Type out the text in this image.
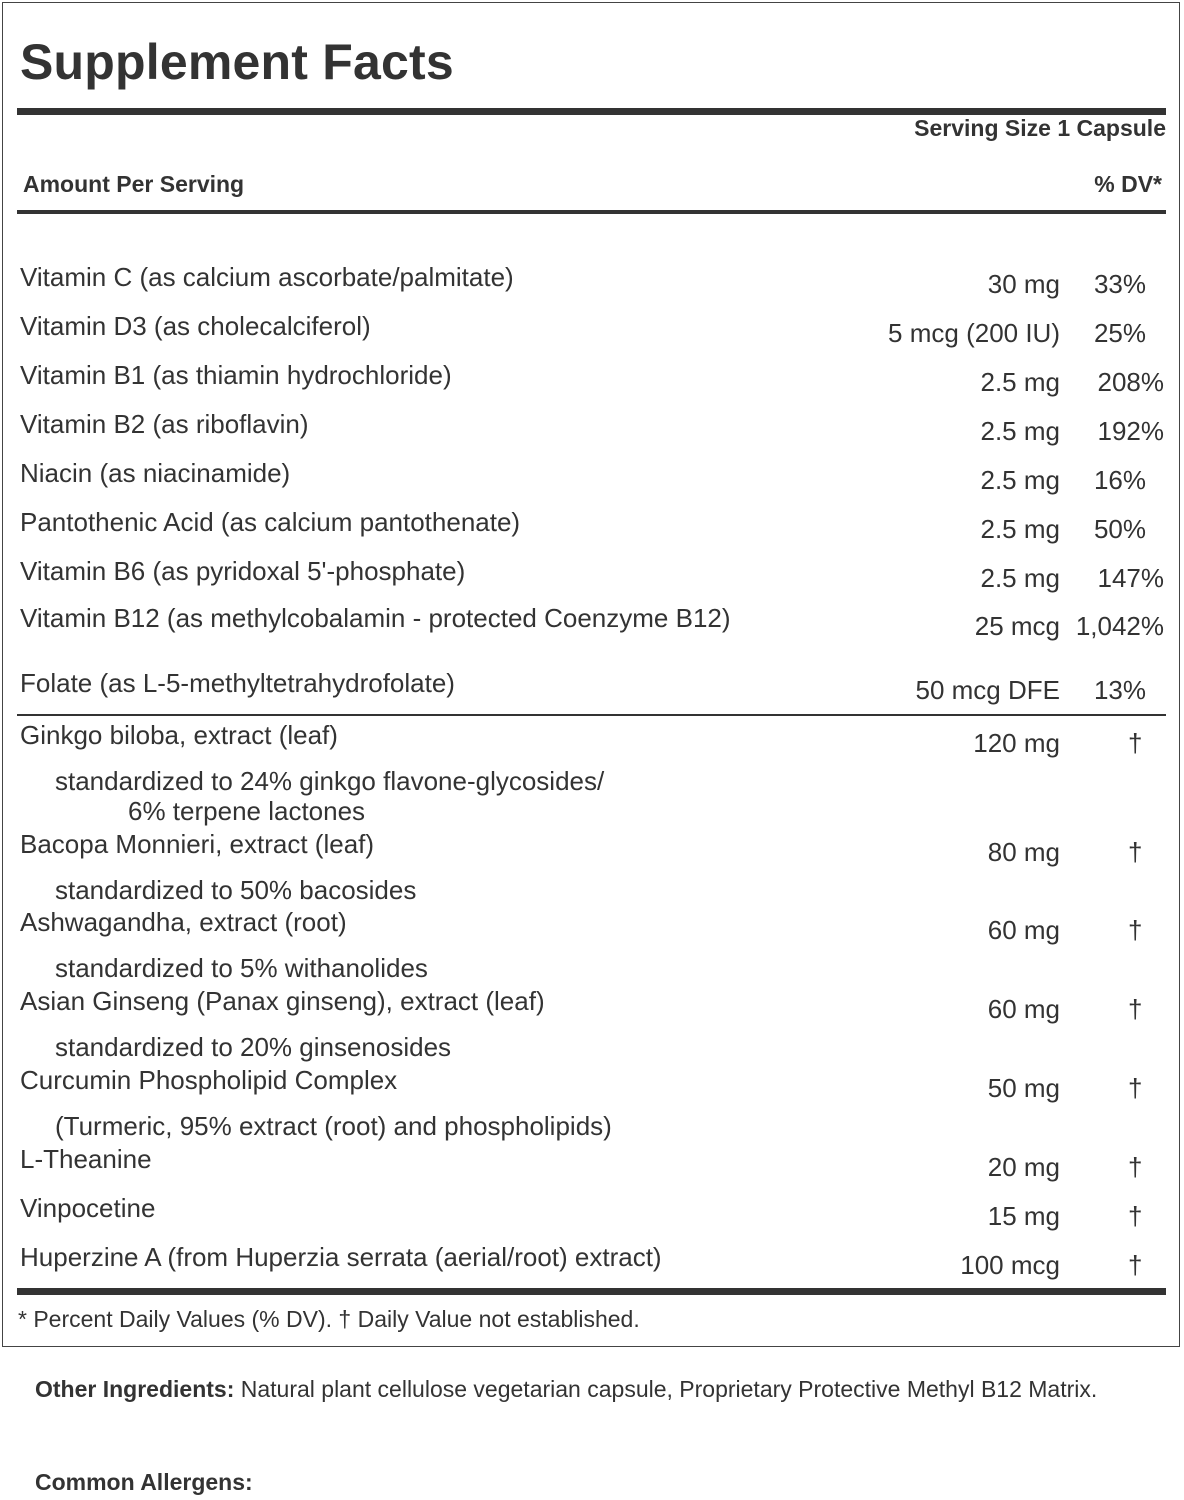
Supplement Facts
Serving Size 1 Capsule
Amount Per Serving	% DV*
Vitamin C (as calcium ascorbate/palmitate)	30 mg 33%
Vitamin D3 (as cholecalciferol)	5 mcg (200 IU) 25%
Vitamin B1 (as thiamin hydrochloride)	2.5 mg 208%
Vitamin B2 (as riboflavin)	2.5 mg 192%
Niacin (as niacinamide)	2.5 mg 16%
Pantothenic Acid (as calcium pantothenate)	2.5 mg 50%
Vitamin B6 (as pyridoxal 5'-phosphate)	2.5 mg 147%
Vitamin B12 (as methylcobalamin - protected Coenzyme B12)	25 mcg 1,042%
Folate (as L-5-methyltetrahydrofolate)	50 mcg DFE 13%
Ginkgo biloba, extract (leaf)	120 mg	†
standardized to 24% ginkgo flavone-glycosides/
6% terpene lactones
Bacopa Monnieri, extract (leaf)	80 mg	†
standardized to 50% bacosides
Ashwagandha, extract (root)	60 mg	†
standardized to 5% withanolides
Asian Ginseng (Panax ginseng), extract (leaf)	60 mg	†
standardized to 20% ginsenosides
Curcumin Phospholipid Complex	50 mg	†
(Turmeric, 95% extract (root) and phospholipids)
L-Theanine	20 mg	†
Vinpocetine	15 mg	†
Huperzine A (from Huperzia serrata (aerial/root) extract)	100 mcg	†
* Percent Daily Values (% DV). † Daily Value not established.
Other Ingredients: Natural plant cellulose vegetarian capsule, Proprietary Protective Methyl B12 Matrix.
Common Allergens:
